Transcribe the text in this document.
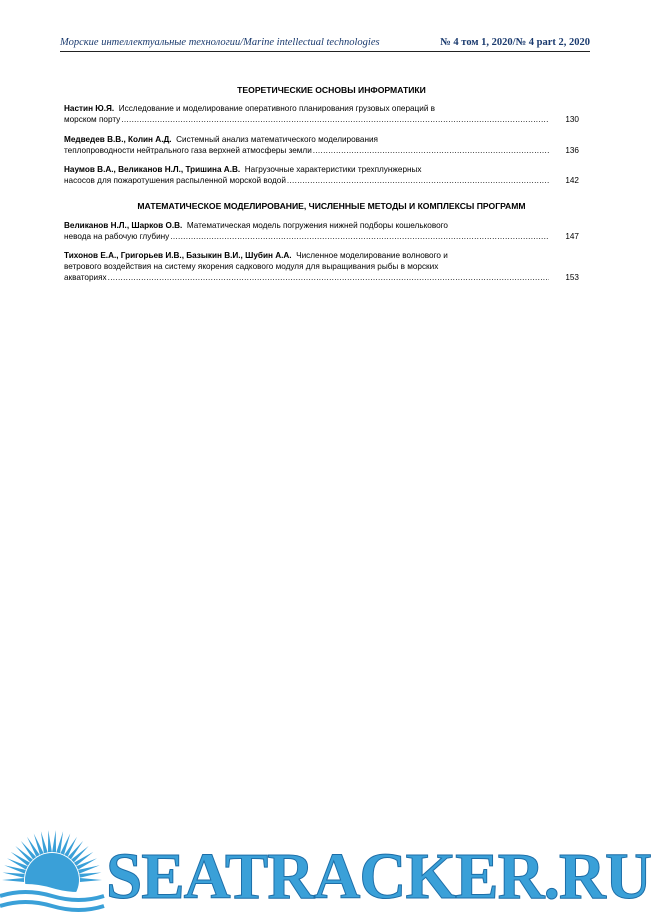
Морские интеллектуальные технологии/Marine intellectual technologies	№ 4 том 1, 2020/№ 4 part 2, 2020
ТЕОРЕТИЧЕСКИЕ ОСНОВЫ ИНФОРМАТИКИ
Настин Ю.Я. Исследование и моделирование оперативного планирования грузовых операций в
морском порту .....	130
Медведев В.В., Колин А.Д. Системный анализ математического моделирования
теплопроводности нейтрального газа верхней атмосферы земли .....	136
Наумов В.А., Великанов Н.Л., Тришина А.В. Нагрузочные характеристики трехплунжерных
насосов для пожаротушения распыленной морской водой .....	142
МАТЕМАТИЧЕСКОЕ МОДЕЛИРОВАНИЕ, ЧИСЛЕННЫЕ МЕТОДЫ И КОМПЛЕКСЫ ПРОГРАММ
Великанов Н.Л., Шарков О.В. Математическая модель погружения нижней подборы кошелькового
невода на рабочую глубину .....	147
Тихонов Е.А., Григорьев И.В., Базыкин В.И., Шубин А.А. Численное моделирование волнового и
ветрового воздействия на систему якорения садкового модуля для выращивания рыбы в морских
акваториях .....	153
SEATRACKER.RU
